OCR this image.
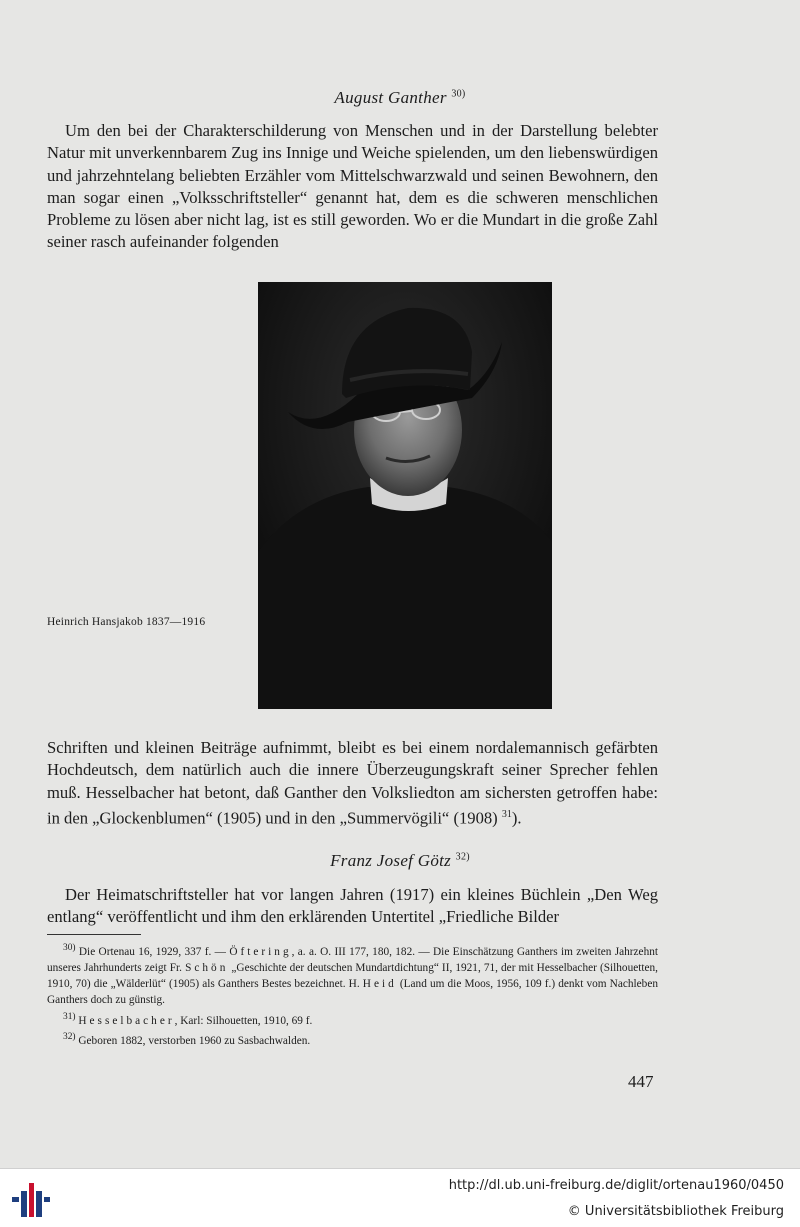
August Ganther $^{30)}$

Um den bei der Charakterschilderung von Menschen und in der Darstellung belebter Natur mit unverkennbarem Zug ins Innige und Weiche spielenden, um den liebenswürdigen und jahrzehntelang beliebten Erzähler vom Mittelschwarzwald und seinen Bewohnern, den man sogar einen „Volksschriftsteller“ genannt hat, dem es die schweren menschlichen Probleme zu lösen aber nicht lag, ist es still geworden. Wo er die Mundart in die große Zahl seiner rasch aufeinander folgenden

Heinrich Hansjakob 1837—1916

Schriften und kleinen Beiträge aufnimmt, bleibt es bei einem nordalemannisch gefärbten Hochdeutsch, dem natürlich auch die innere Überzeugungskraft seiner Sprecher fehlen muß. Hesselbacher hat betont, daß Ganther den Volksliedton am sichersten getroffen habe: in den „Glockenblumen“ (1905) und in den „Summervögili“ (1908) $^{31}$).

Franz Josef Götz $^{32)}$

Der Heimatschriftsteller hat vor langen Jahren (1917) ein kleines Büchlein „Den Weg entlang“ veröffentlicht und ihm den erklärenden Untertitel „Friedliche Bilder

$^{30)}$ Die Ortenau 16, 1929, 337 f. — Öftering, a. a. O. III 177, 180, 182. — Die Einschätzung Ganthers im zweiten Jahrzehnt unseres Jahrhunderts zeigt Fr. Schön „Geschichte der deutschen Mundartdichtung“ II, 1921, 71, der mit Hesselbacher (Silhouetten, 1910, 70) die „Wälderlüt“ (1905) als Ganthers Bestes bezeichnet. H. Heid (Land um die Moos, 1956, 109 f.) denkt vom Nachleben Ganthers doch zu günstig.

$^{31)}$ Hesselbacher, Karl: Silhouetten, 1910, 69 f.

$^{32)}$ Geboren 1882, verstorben 1960 zu Sasbachwalden.

447
http://dl.ub.uni-freiburg.de/diglit/ortenau1960/0450
© Universitätsbibliothek Freiburg
